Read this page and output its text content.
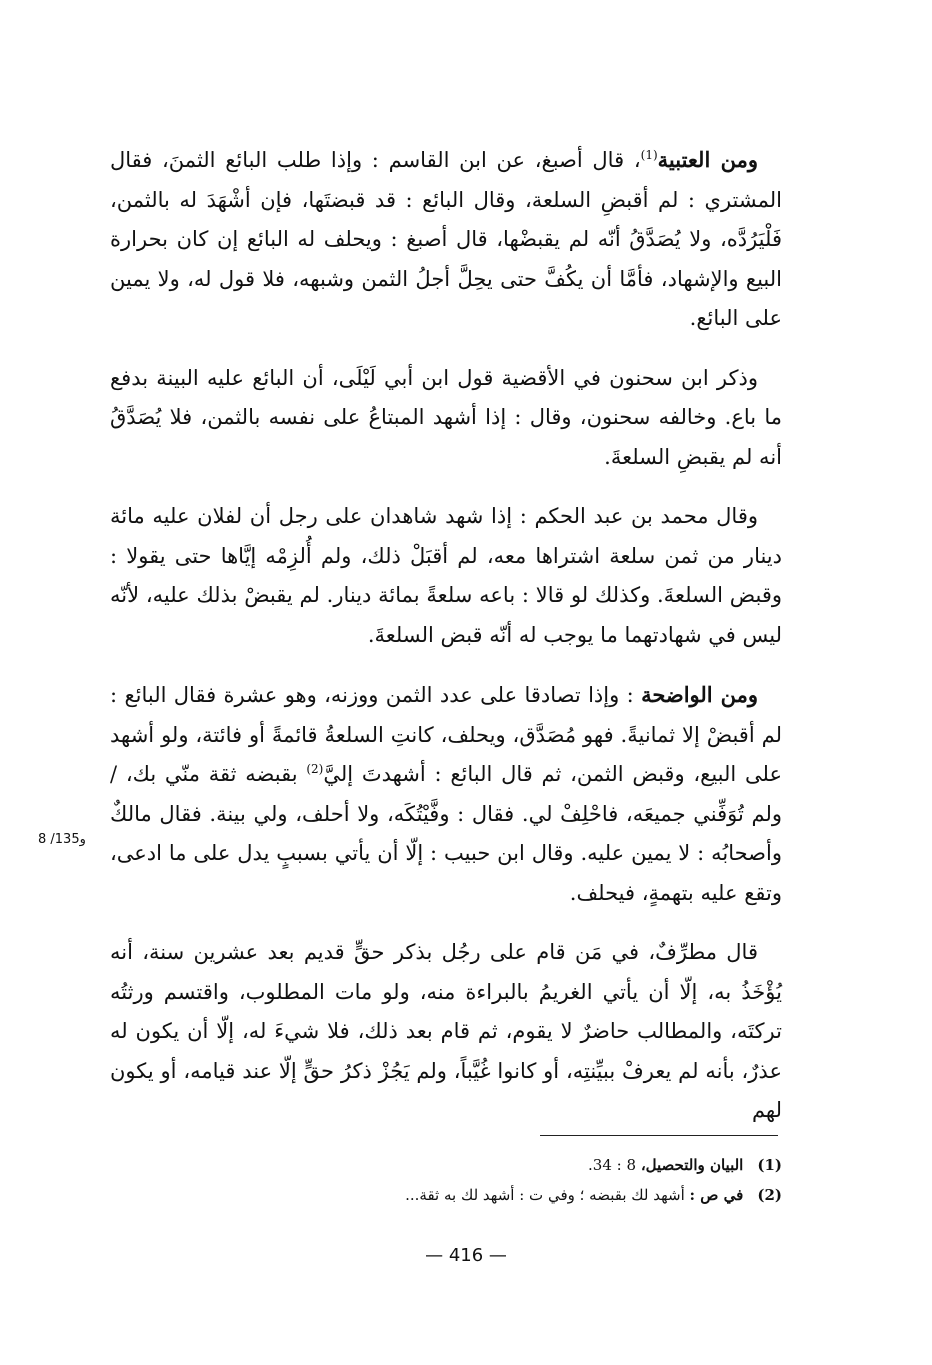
ومن العتبية$^{(1)}$، قال أصبغ، عن ابن القاسم : وإذا طلب البائع الثمنَ، فقال المشتري : لم أقبضِ السلعة، وقال البائع : قد قبضتَها، فإن أشْهَدَ له بالثمن، فَلْيَرُدَّه، ولا يُصَدَّقُ أنّه لم يقبضْها، قال أصبغ : ويحلف له البائع إن كان بحرارة البيع والإشهاد، فأمَّا أن يكُفَّ حتى يحِلَّ أجلُ الثمن وشبهه، فلا قول له، ولا يمين على البائع.

وذكر ابن سحنون في الأقضية قول ابن أبي لَيْلَى، أن البائع عليه البينة بدفع ما باع. وخالفه سحنون، وقال : إذا أشهد المبتاعُ على نفسه بالثمن، فلا يُصَدَّقُ أنه لم يقبضِ السلعةَ.

وقال محمد بن عبد الحكم : إذا شهد شاهدان على رجل أن لفلان عليه مائة دينار من ثمن سلعة اشتراها معه، لم أقبَلْ ذلك، ولم أُلزِمْه إيَّاها حتى يقولا : وقبض السلعةَ. وكذلك لو قالا : باعه سلعةً بمائة دينار. لم يقبضْ بذلك عليه، لأنّه ليس في شهادتهما ما يوجب له أنّه قبض السلعةَ.

ومن الواضحة : وإذا تصادقا على عدد الثمن ووزنه، وهو عشرة فقال البائع : لم أقبضْ إلا ثمانيةً. فهو مُصَدَّق، ويحلف، كانتِ السلعةُ قائمةً أو فائتة، ولو أشهد على البيع، وقبض الثمن، ثم قال البائع : أشهدتَ إليَّ$^{(2)}$ بقبضه ثقة منّي بك، / ولم تُوَفِّني جميعَه، فاحْلِفْ لي. فقال : وفَّيْتُكَه، ولا أحلف، ولي بينة. فقال مالكٌ وأصحابُه : لا يمين عليه. وقال ابن حبيب : إلّا أن يأتي بسببٍ يدل على ما ادعى، وتقع عليه بتهمةٍ، فيحلف.

قال مطرِّفٌ، في مَن قام على رجُل بذكر حقٍّ قديم بعد عشرين سنة، أنه يُؤْخَذُ به، إلّا أن يأتي الغريمُ بالبراءة منه، ولو مات المطلوب، واقتسم ورثتُه تركتَه، والمطالب حاضرٌ لا يقوم، ثم قام بعد ذلك، فلا شيءَ له، إلّا أن يكون له عذرٌ، بأنه لم يعرفْ ببيِّنتِه، أو كانوا غُيَّباً، ولم يَجُزْ ذكرُ حقٍّ إلّا عند قيامه، أو يكون لهم

8 /135و
(1)
البيان والتحصيل، 8 : 34.
(2)
في ص : أشهد لك بقبضه ؛ وفي ت : أشهد لك به ثقة...
— 416 —
